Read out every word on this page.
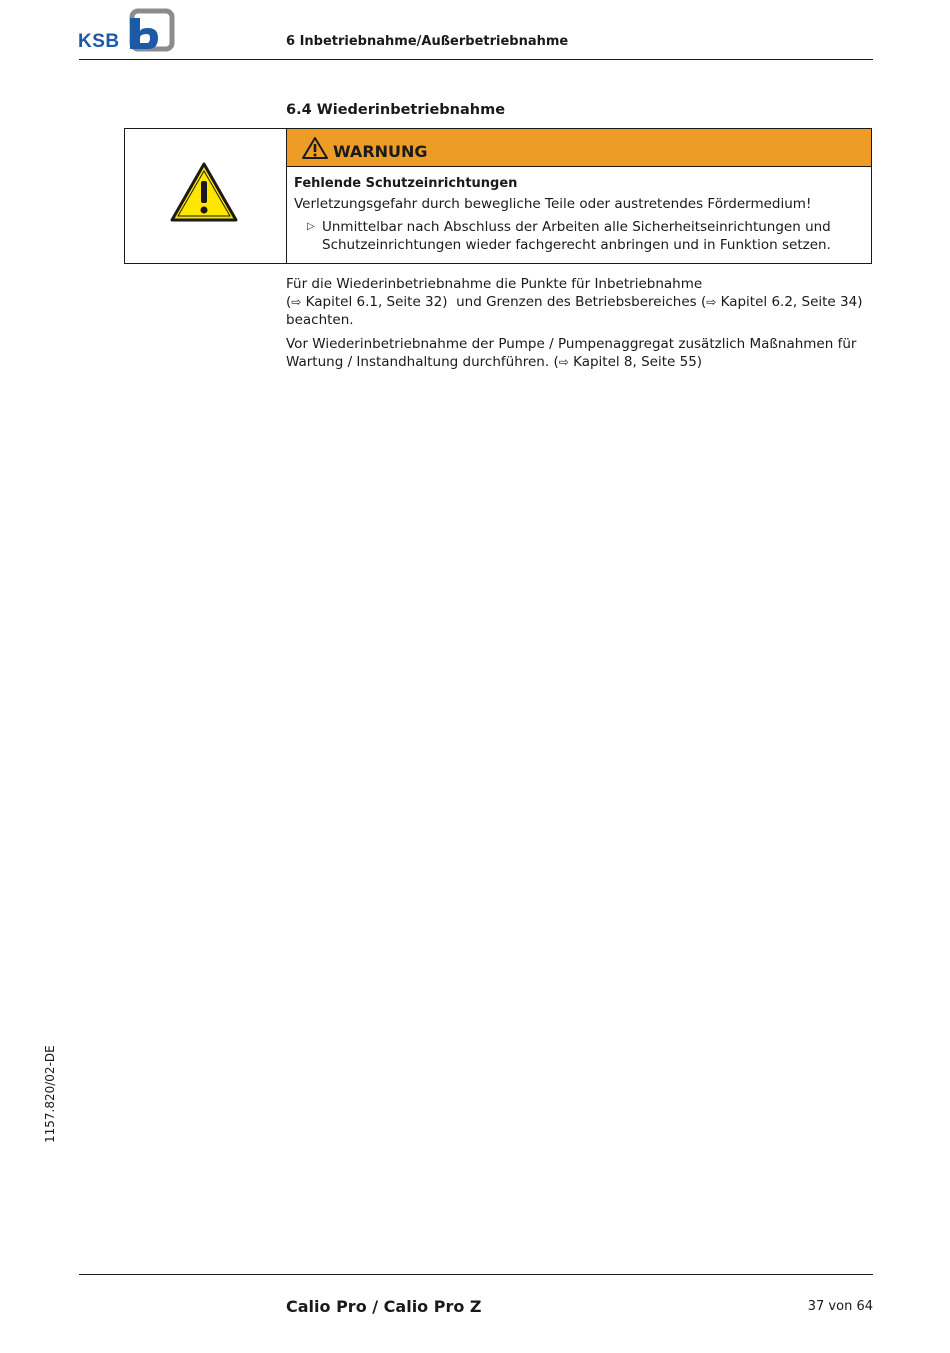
KSB	6 Inbetriebnahme/Außerbetriebnahme
6.4 Wiederinbetriebnahme
WARNUNG
Fehlende Schutzeinrichtungen
Verletzungsgefahr durch bewegliche Teile oder austretendes Fördermedium!
▷ Unmittelbar nach Abschluss der Arbeiten alle Sicherheitseinrichtungen und Schutzeinrichtungen wieder fachgerecht anbringen und in Funktion setzen.
Für die Wiederinbetriebnahme die Punkte für Inbetriebnahme
(⇨ Kapitel 6.1, Seite 32)  und Grenzen des Betriebsbereiches (⇨ Kapitel 6.2, Seite 34)
beachten.
Vor Wiederinbetriebnahme der Pumpe / Pumpenaggregat zusätzlich Maßnahmen für Wartung / Instandhaltung durchführen. (⇨ Kapitel 8, Seite 55)
1157.820/02-DE
Calio Pro / Calio Pro Z	37 von 64
